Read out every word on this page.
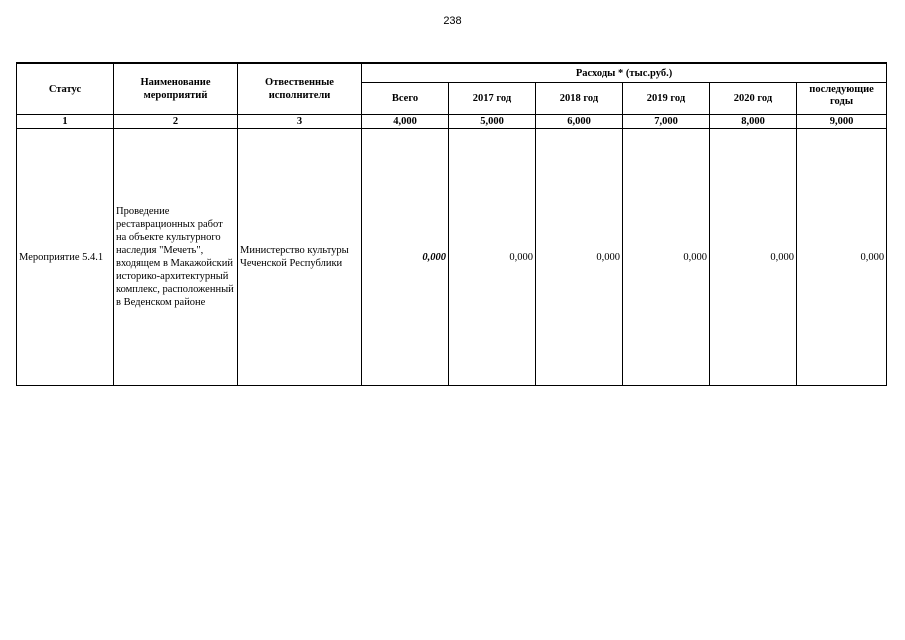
238
Статус	Наименование мероприятий	Отвественные исполнители	Расходы * (тыс.руб.)					
			Всего	2017 год	2018 год	2019 год	2020 год	последующие годы

1	2	3	4,000	5,000	6,000	7,000	8,000	9,000
Мероприятие 5.4.1	Проведение реставрационных работ на объекте культурного наследия "Мечеть", входящем в Макажойский историко-архитектурный комплекс, расположенный в Веденском районе	Министерство культуры Чеченской Республики	0,000	0,000	0,000	0,000	0,000	0,000
